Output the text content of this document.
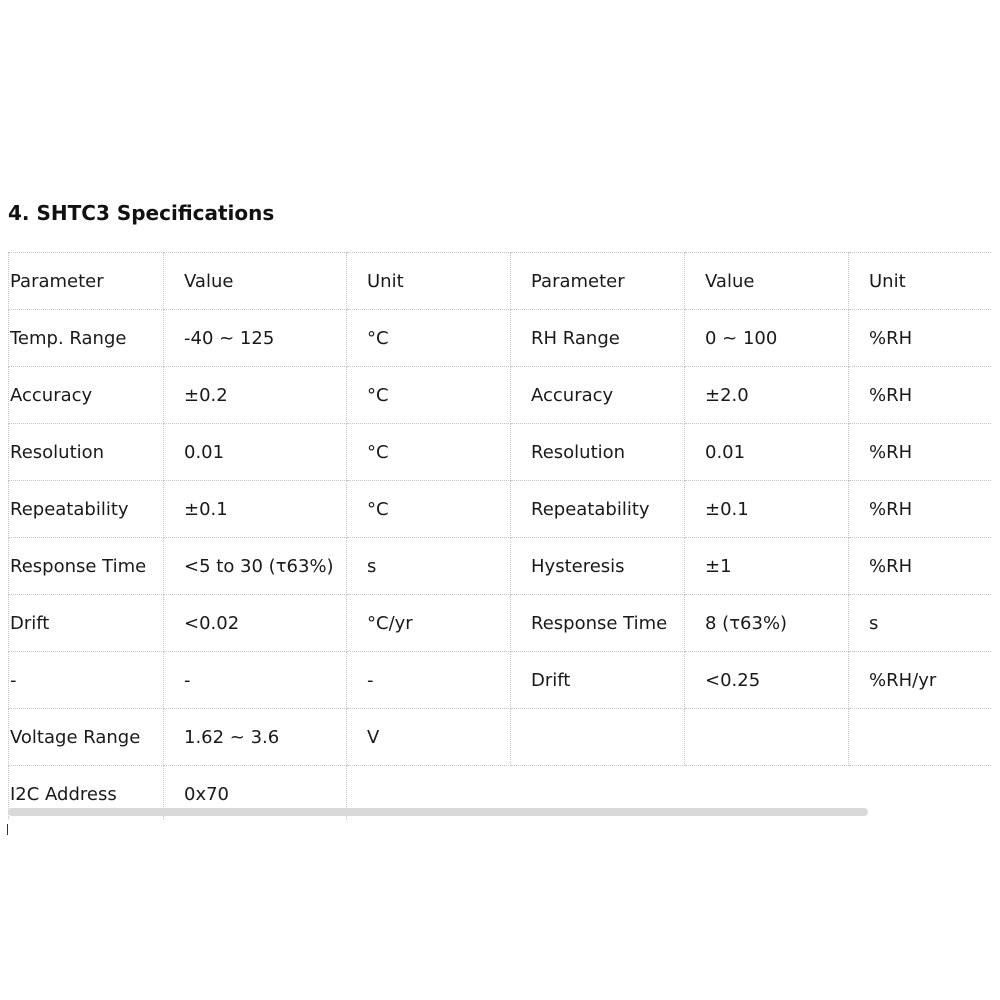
4. SHTC3 Specifications
Parameter	Value	Unit	Parameter	Value	Unit
Temp. Range	-40 ~ 125	°C	RH Range	0 ~ 100	%RH
Accuracy	±0.2	°C	Accuracy	±2.0	%RH
Resolution	0.01	°C	Resolution	0.01	%RH
Repeatability	±0.1	°C	Repeatability	±0.1	%RH
Response Time	<5 to 30 (τ63%)	s	Hysteresis	±1	%RH
Drift	<0.02	°C/yr	Response Time	8 (τ63%)	s
-	-	-	Drift	<0.25	%RH/yr
Voltage Range	1.62 ~ 3.6	V			
I2C Address	0x70				
